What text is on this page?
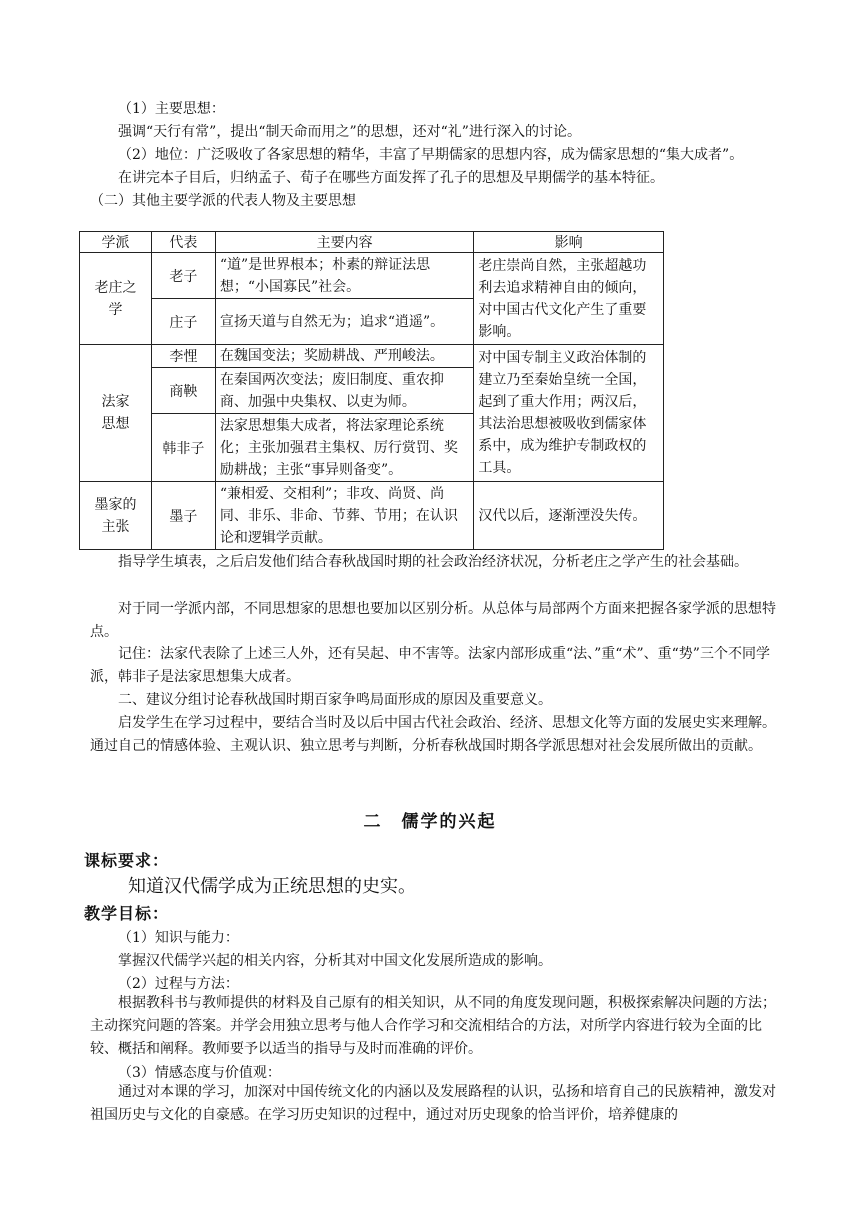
（1）主要思想：
强调“天行有常”，提出“制天命而用之”的思想，还对“礼”进行深入的讨论。
（2）地位：广泛吸收了各家思想的精华，丰富了早期儒家的思想内容，成为儒家思想的“集大成者”。
在讲完本子目后，归纳孟子、荀子在哪些方面发挥了孔子的思想及早期儒学的基本特征。
（二）其他主要学派的代表人物及主要思想
学派	代表	主要内容	影响
老庄之学	老子	“道”是世界根本；朴素的辩证法思想；“小国寡民”社会。	老庄崇尚自然，主张超越功利去追求精神自由的倾向，对中国古代文化产生了重要影响。
	庄子	宣扬天道与自然无为；追求“逍遥”。	
法家思想	李悝	在魏国变法；奖励耕战、严刑峻法。	对中国专制主义政治体制的建立乃至秦始皇统一全国，起到了重大作用；两汉后，其法治思想被吸收到儒家体系中，成为维护专制政权的工具。
	商鞅	在秦国两次变法；废旧制度、重农抑商、加强中央集权、以吏为师。	
	韩非子	法家思想集大成者，将法家理论系统化；主张加强君主集权、厉行赏罚、奖励耕战；主张“事异则备变”。	
墨家的主张	墨子	“兼相爱、交相利”；非攻、尚贤、尚同、非乐、非命、节葬、节用；在认识论和逻辑学贡献。	汉代以后，逐渐湮没失传。
指导学生填表，之后启发他们结合春秋战国时期的社会政治经济状况，分析老庄之学产生的社会基础。
对于同一学派内部，不同思想家的思想也要加以区别分析。从总体与局部两个方面来把握各家学派的思想特点。
记住：法家代表除了上述三人外，还有吴起、申不害等。法家内部形成重“法、”重“术”、重“势”三个不同学派，韩非子是法家思想集大成者。
二、建议分组讨论春秋战国时期百家争鸣局面形成的原因及重要意义。
启发学生在学习过程中，要结合当时及以后中国古代社会政治、经济、思想文化等方面的发展史实来理解。通过自己的情感体验、主观认识、独立思考与判断，分析春秋战国时期各学派思想对社会发展所做出的贡献。
二　儒学的兴起
课标要求：
知道汉代儒学成为正统思想的史实。
教学目标：
（1）知识与能力：
掌握汉代儒学兴起的相关内容，分析其对中国文化发展所造成的影响。
（2）过程与方法：
根据教科书与教师提供的材料及自己原有的相关知识，从不同的角度发现问题，积极探索解决问题的方法；主动探究问题的答案。并学会用独立思考与他人合作学习和交流相结合的方法，对所学内容进行较为全面的比较、概括和阐释。教师要予以适当的指导与及时而准确的评价。
（3）情感态度与价值观：
通过对本课的学习，加深对中国传统文化的内涵以及发展路程的认识，弘扬和培育自己的民族精神，激发对祖国历史与文化的自豪感。在学习历史知识的过程中，通过对历史现象的恰当评价，培养健康的
